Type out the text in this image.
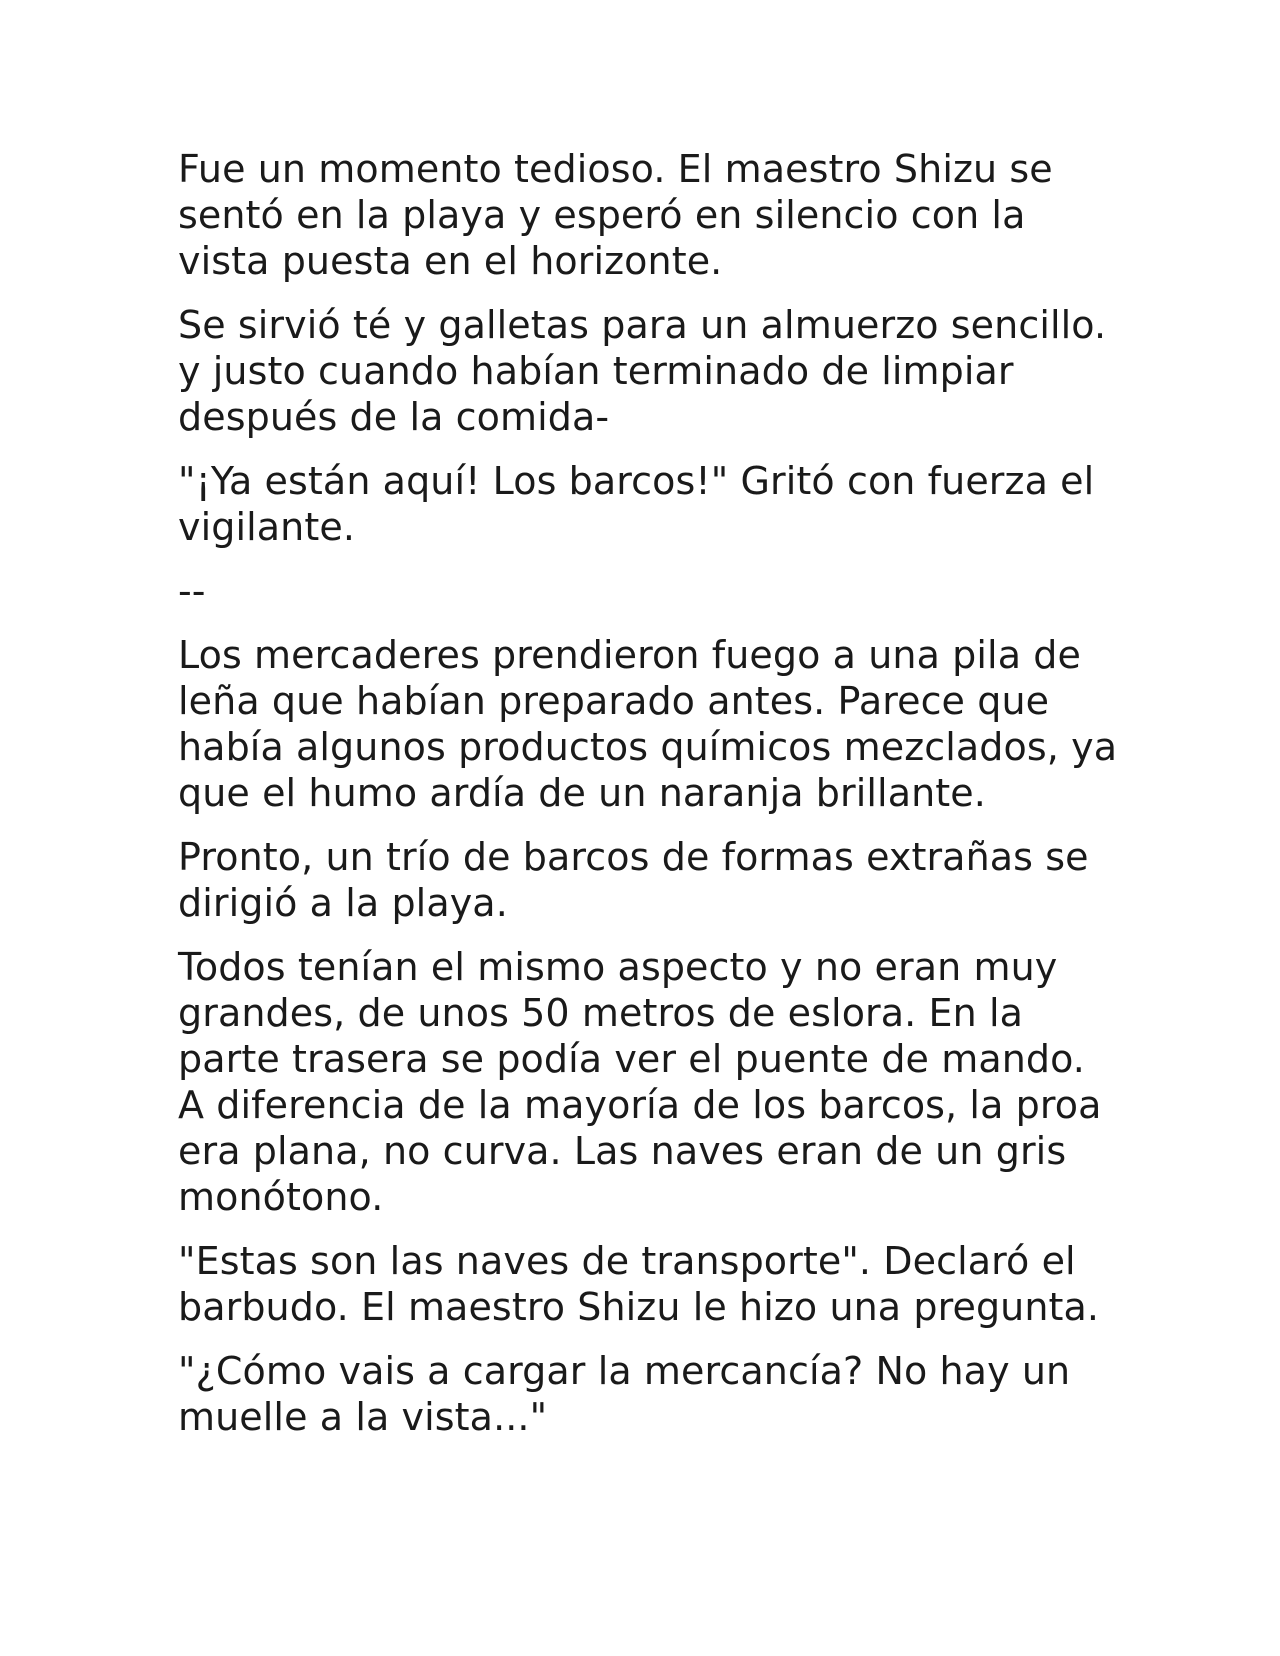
Fue un momento tedioso. El maestro Shizu se
sentó en la playa y esperó en silencio con la
vista puesta en el horizonte.

Se sirvió té y galletas para un almuerzo sencillo.
y justo cuando habían terminado de limpiar
después de la comida-

"¡Ya están aquí! Los barcos!" Gritó con fuerza el
vigilante.

--

Los mercaderes prendieron fuego a una pila de
leña que habían preparado antes. Parece que
había algunos productos químicos mezclados, ya
que el humo ardía de un naranja brillante.

Pronto, un trío de barcos de formas extrañas se
dirigió a la playa.

Todos tenían el mismo aspecto y no eran muy
grandes, de unos 50 metros de eslora. En la
parte trasera se podía ver el puente de mando.
A diferencia de la mayoría de los barcos, la proa
era plana, no curva. Las naves eran de un gris
monótono.

"Estas son las naves de transporte". Declaró el
barbudo. El maestro Shizu le hizo una pregunta.

"¿Cómo vais a cargar la mercancía? No hay un
muelle a la vista..."
